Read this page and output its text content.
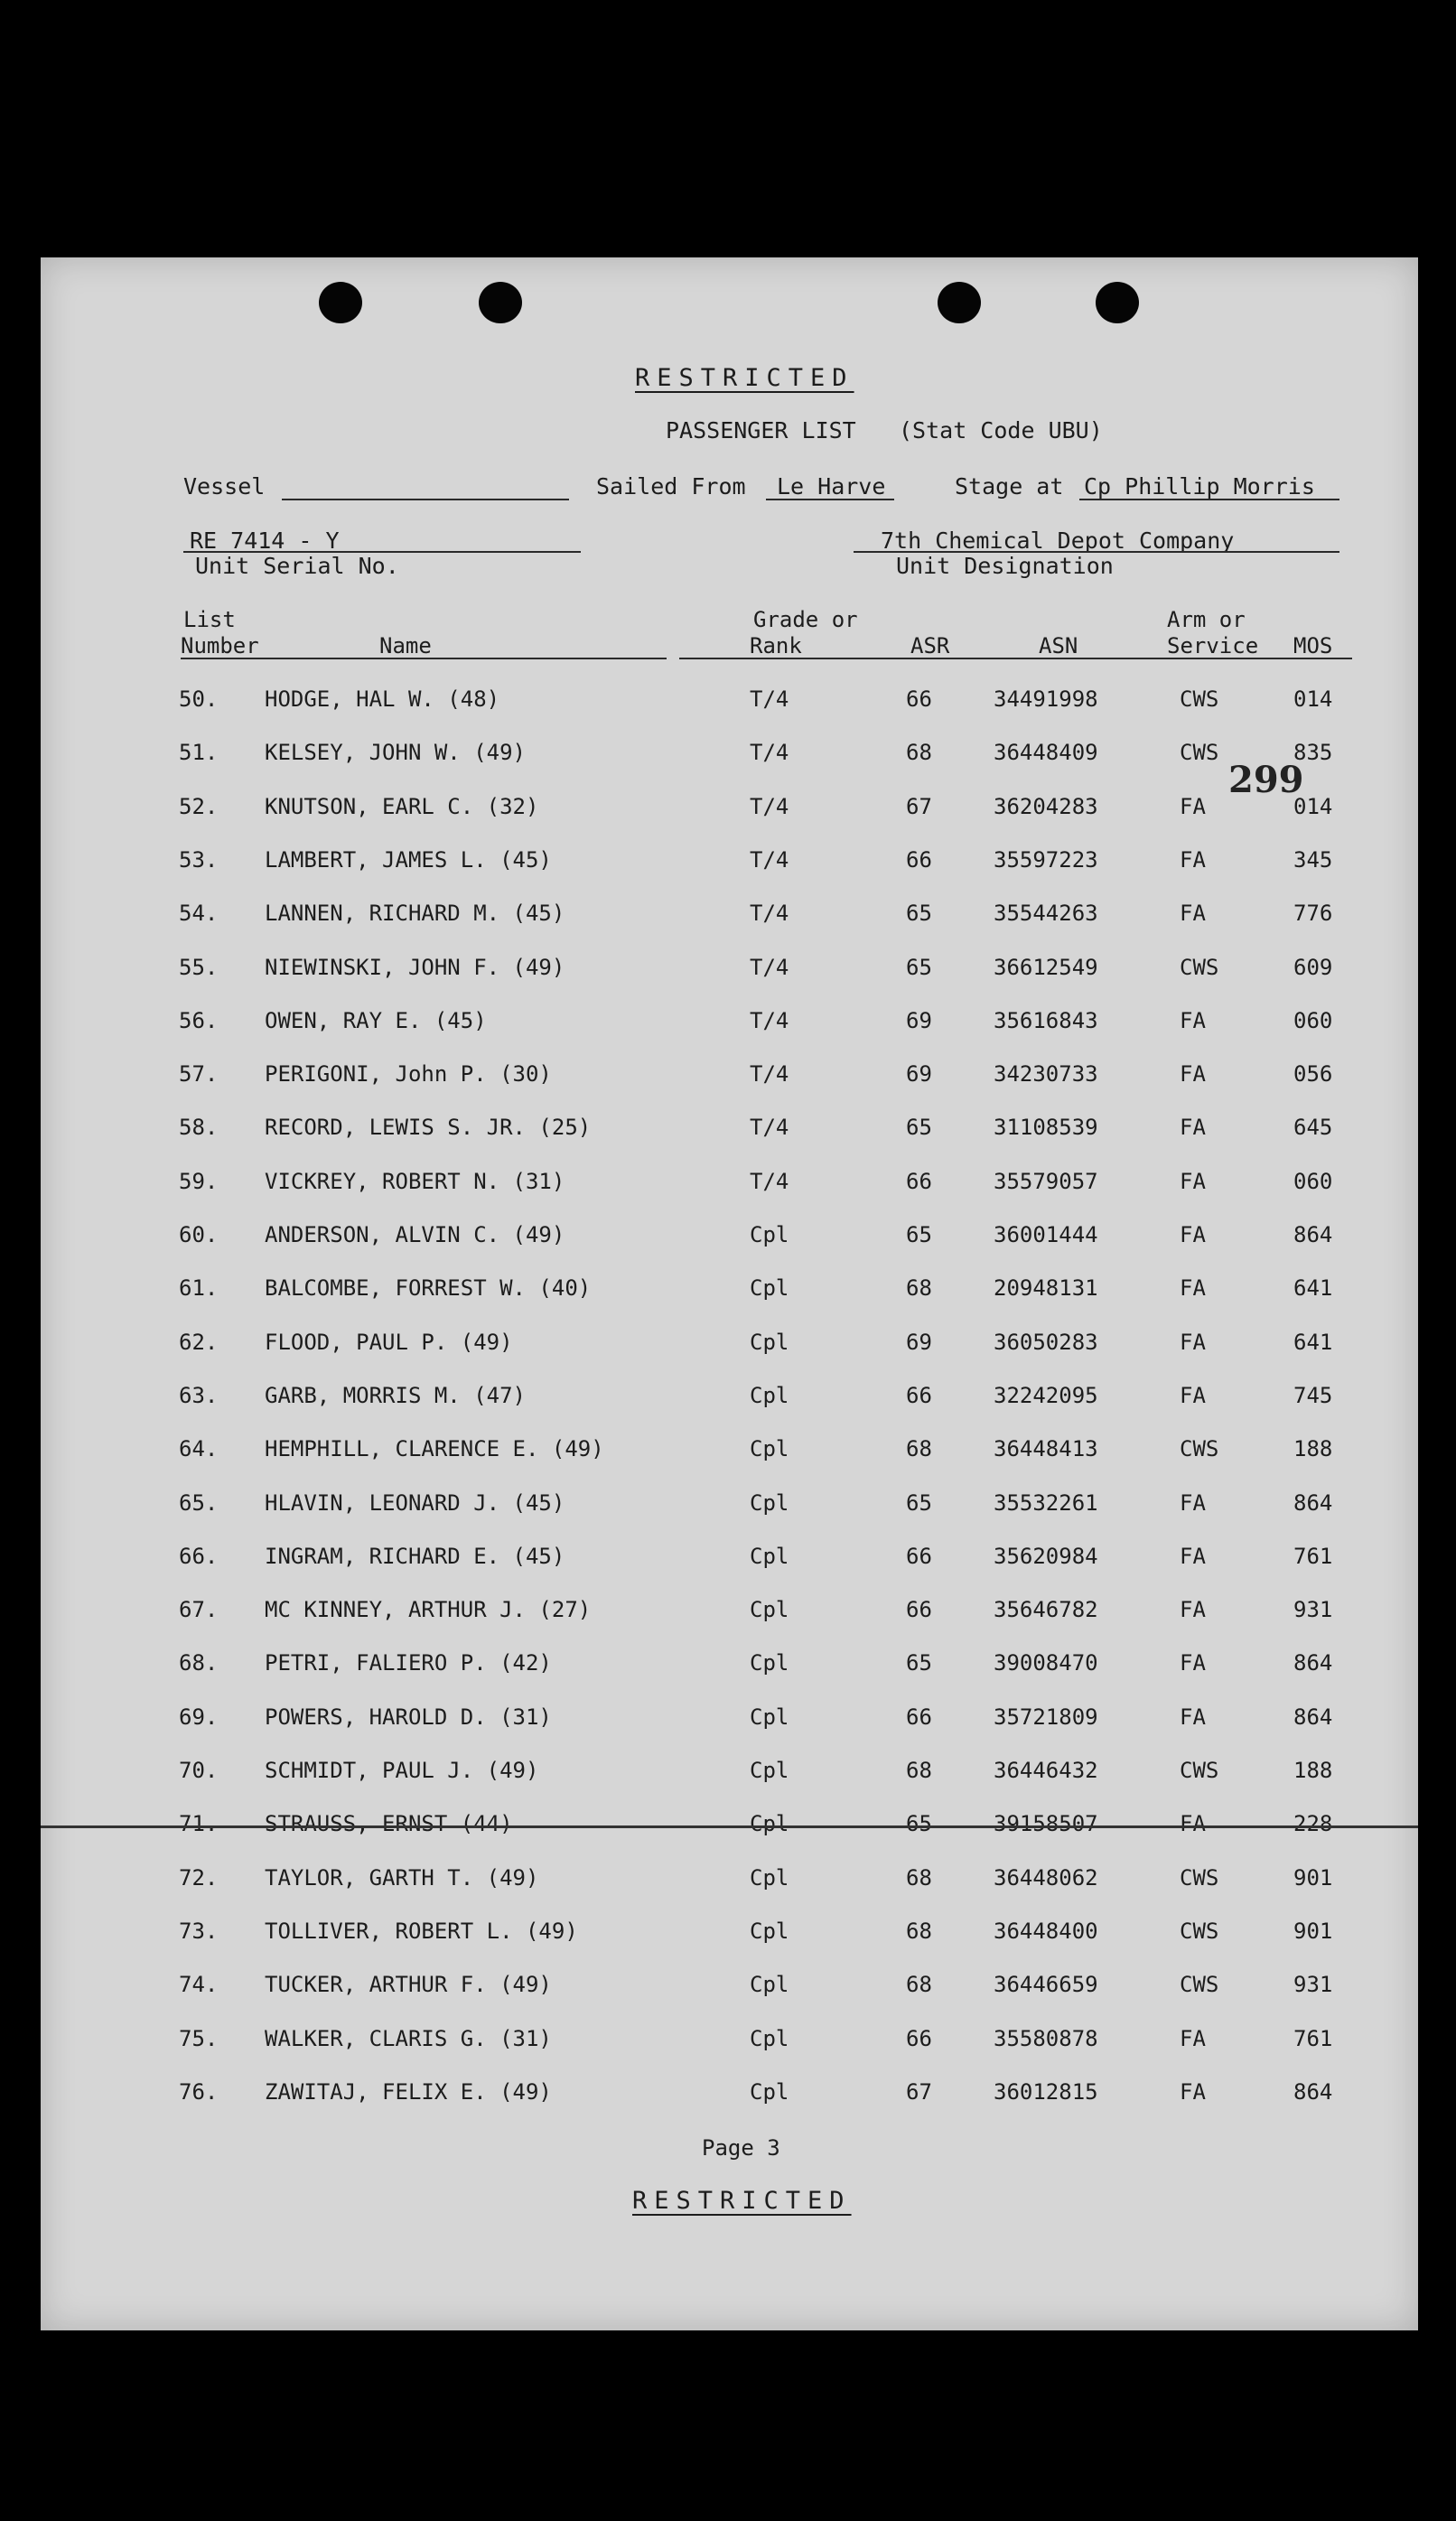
RESTRICTED
PASSENGER LIST (Stat Code UBU)
Vessel	Sailed From Le Harve	Stage at Cp Phillip Morris
RE 7414 - Y
Unit Serial No.
7th Chemical Depot Company
Unit Designation
List
Number	Name
Grade or
Rank	ASR	ASN
Arm or
Service MOS
50. HODGE, HAL W. (48)	T/4	66	34491998	CWS	014
51. KELSEY, JOHN W. (49)	T/4	68	36448409	CWS	835
52. KNUTSON, EARL C. (32)	T/4	67	36204283	FA	014
53. LAMBERT, JAMES L. (45)	T/4	66	35597223	FA	345
54. LANNEN, RICHARD M. (45)	T/4	65	35544263	FA	776
55. NIEWINSKI, JOHN F. (49)	T/4	65	36612549	CWS	609
56. OWEN, RAY E. (45)	T/4	69	35616843	FA	060
57. PERIGONI, John P. (30)	T/4	69	34230733	FA	056
58. RECORD, LEWIS S. JR. (25)	T/4	65	31108539	FA	645
59. VICKREY, ROBERT N. (31)	T/4	66	35579057	FA	060
60. ANDERSON, ALVIN C. (49)	Cpl	65	36001444	FA	864
61. BALCOMBE, FORREST W. (40)	Cpl	68	20948131	FA	641
62. FLOOD, PAUL P. (49)	Cpl	69	36050283	FA	641
63. GARB, MORRIS M. (47)	Cpl	66	32242095	FA	745
64. HEMPHILL, CLARENCE E. (49)	Cpl	68	36448413	CWS	188
65. HLAVIN, LEONARD J. (45)	Cpl	65	35532261	FA	864
66. INGRAM, RICHARD E. (45)	Cpl	66	35620984	FA	761
67. MC KINNEY, ARTHUR J. (27)	Cpl	66	35646782	FA	931
68. PETRI, FALIERO P. (42)	Cpl	65	39008470	FA	864
69. POWERS, HAROLD D. (31)	Cpl	66	35721809	FA	864
70. SCHMIDT, PAUL J. (49)	Cpl	68	36446432	CWS	188
71. STRAUSS, ERNST (44)	Cpl	65	39158507	FA	228
72. TAYLOR, GARTH T. (49)	Cpl	68	36448062	CWS	901
73. TOLLIVER, ROBERT L. (49)	Cpl	68	36448400	CWS	901
74. TUCKER, ARTHUR F. (49)	Cpl	68	36446659	CWS	931
75. WALKER, CLARIS G. (31)	Cpl	66	35580878	FA	761
76. ZAWITAJ, FELIX E. (49)	Cpl	67	36012815	FA	864
299
Page 3
RESTRICTED
